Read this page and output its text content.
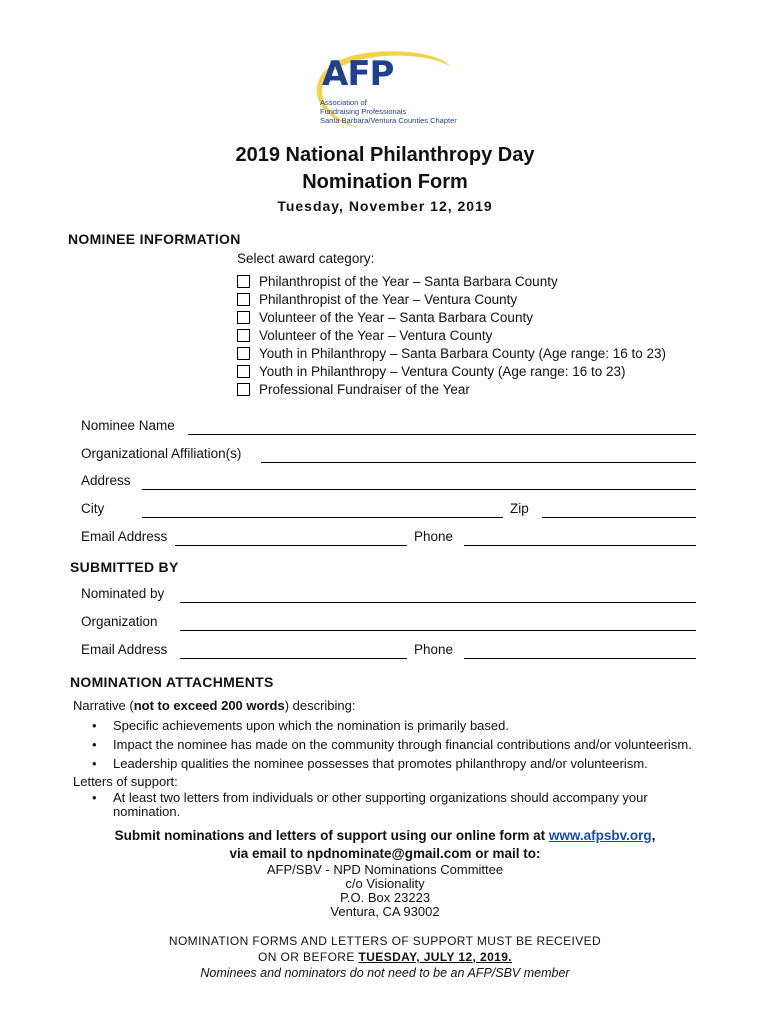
AFP
Association of
Fundraising Professionals
Santa Barbara/Ventura Counties Chapter
2019 National Philanthropy Day
Nomination Form
Tuesday, November 12, 2019
NOMINEE INFORMATION
Select award category:
Philanthropist of the Year – Santa Barbara County
Philanthropist of the Year – Ventura County
Volunteer of the Year – Santa Barbara County
Volunteer of the Year – Ventura County
Youth in Philanthropy – Santa Barbara County (Age range: 16 to 23)
Youth in Philanthropy – Ventura County (Age range: 16 to 23)
Professional Fundraiser of the Year
Nominee Name
Organizational Affiliation(s)
Address
City	Zip
Email Address	Phone
SUBMITTED BY
Nominated by
Organization
Email Address	Phone
NOMINATION ATTACHMENTS
Narrative (not to exceed 200 words) describing:
• Specific achievements upon which the nomination is primarily based.
• Impact the nominee has made on the community through financial contributions and/or volunteerism.
• Leadership qualities the nominee possesses that promotes philanthropy and/or volunteerism.
Letters of support:
• At least two letters from individuals or other supporting organizations should accompany your
nomination.
Submit nominations and letters of support using our online form at www.afpsbv.org,
via email to npdnominate@gmail.com or mail to:
AFP/SBV - NPD Nominations Committee
c/o Visionality
P.O. Box 23223
Ventura, CA 93002
NOMINATION FORMS AND LETTERS OF SUPPORT MUST BE RECEIVED
ON OR BEFORE TUESDAY, JULY 12, 2019.
Nominees and nominators do not need to be an AFP/SBV member
